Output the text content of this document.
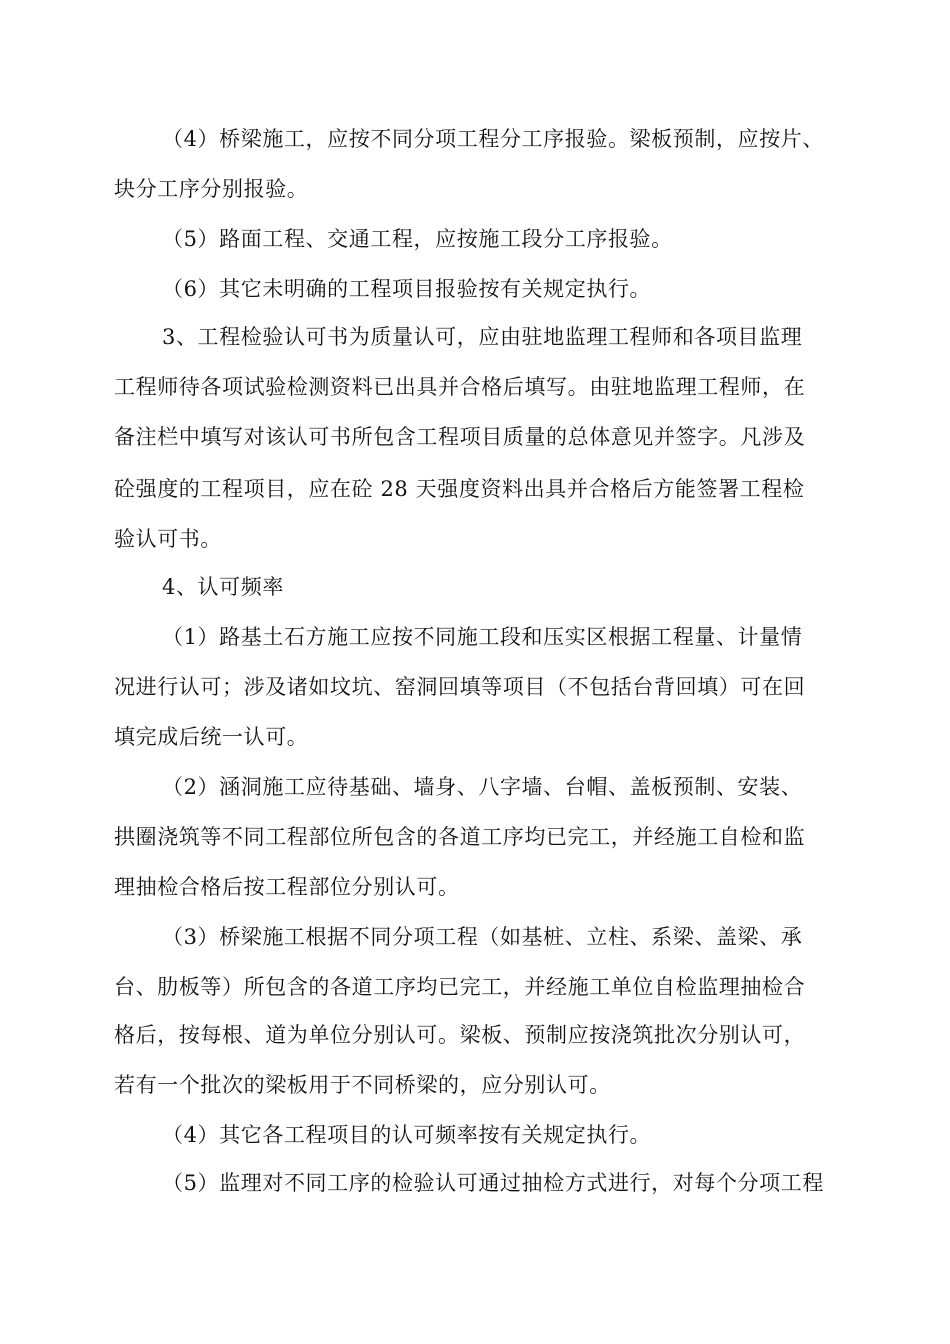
（4）桥梁施工，应按不同分项工程分工序报验。梁板预制，应按片、
块分工序分别报验。
（5）路面工程、交通工程，应按施工段分工序报验。
（6）其它未明确的工程项目报验按有关规定执行。
3、工程检验认可书为质量认可，应由驻地监理工程师和各项目监理
工程师待各项试验检测资料已出具并合格后填写。由驻地监理工程师，在
备注栏中填写对该认可书所包含工程项目质量的总体意见并签字。凡涉及
砼强度的工程项目，应在砼 28 天强度资料出具并合格后方能签署工程检
验认可书。
4、认可频率
（1）路基土石方施工应按不同施工段和压实区根据工程量、计量情
况进行认可；涉及诸如坟坑、窑洞回填等项目（不包括台背回填）可在回
填完成后统一认可。
（2）涵洞施工应待基础、墙身、八字墙、台帽、盖板预制、安装、
拱圈浇筑等不同工程部位所包含的各道工序均已完工，并经施工自检和监
理抽检合格后按工程部位分别认可。
（3）桥梁施工根据不同分项工程（如基桩、立柱、系梁、盖梁、承
台、肋板等）所包含的各道工序均已完工，并经施工单位自检监理抽检合
格后，按每根、道为单位分别认可。梁板、预制应按浇筑批次分别认可，
若有一个批次的梁板用于不同桥梁的，应分别认可。
（4）其它各工程项目的认可频率按有关规定执行。
（5）监理对不同工序的检验认可通过抽检方式进行，对每个分项工程
